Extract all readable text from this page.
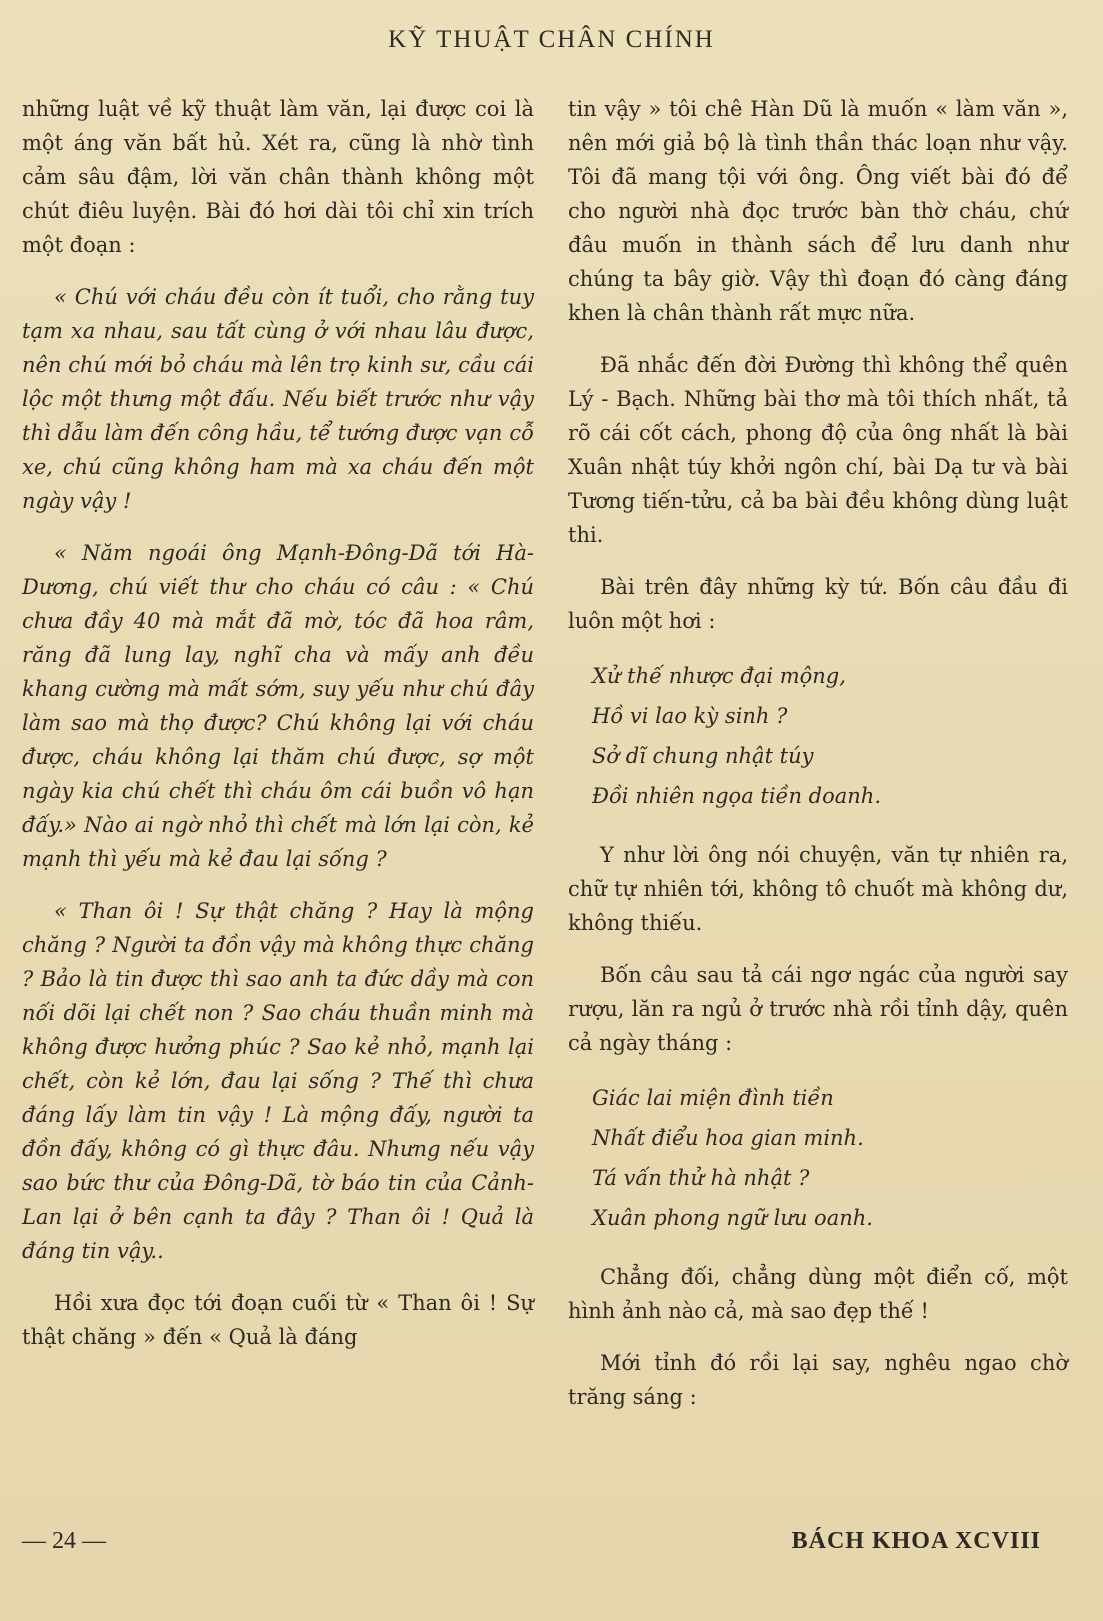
KỸ THUẬT CHÂN CHÍNH

những luật về kỹ thuật làm văn, lại được coi là một áng văn bất hủ. Xét ra, cũng là nhờ tình cảm sâu đậm, lời văn chân thành không một chút điêu luyện. Bài đó hơi dài tôi chỉ xin trích một đoạn :

« Chú với cháu đều còn ít tuổi, cho rằng tuy tạm xa nhau, sau tất cùng ở với nhau lâu được, nên chú mới bỏ cháu mà lên trọ kinh sư, cầu cái lộc một thưng một đấu. Nếu biết trước như vậy thì dẫu làm đến công hầu, tể tướng được vạn cỗ xe, chú cũng không ham mà xa cháu đến một ngày vậy !

« Năm ngoái ông Mạnh-Đông-Dã tới Hà-Dương, chú viết thư cho cháu có câu : « Chú chưa đầy 40 mà mắt đã mờ, tóc đã hoa râm, răng đã lung lay, nghĩ cha và mấy anh đều khang cường mà mất sớm, suy yếu như chú đây làm sao mà thọ được? Chú không lại với cháu được, cháu không lại thăm chú được, sợ một ngày kia chú chết thì cháu ôm cái buồn vô hạn đấy.» Nào ai ngờ nhỏ thì chết mà lớn lại còn, kẻ mạnh thì yếu mà kẻ đau lại sống ?

« Than ôi ! Sự thật chăng ? Hay là mộng chăng ? Người ta đồn vậy mà không thực chăng ? Bảo là tin được thì sao anh ta đức dầy mà con nối dõi lại chết non ? Sao cháu thuần minh mà không được hưởng phúc ? Sao kẻ nhỏ, mạnh lại chết, còn kẻ lớn, đau lại sống ? Thế thì chưa đáng lấy làm tin vậy ! Là mộng đấy, người ta đồn đấy, không có gì thực đâu. Nhưng nếu vậy sao bức thư của Đông-Dã, tờ báo tin của Cảnh-Lan lại ở bên cạnh ta đây ? Than ôi ! Quả là đáng tin vậy..

Hồi xưa đọc tới đoạn cuối từ « Than ôi ! Sự thật chăng » đến « Quả là đáng

tin vậy » tôi chê Hàn Dũ là muốn « làm văn », nên mới giả bộ là tình thần thác loạn như vậy. Tôi đã mang tội với ông. Ông viết bài đó để cho người nhà đọc trước bàn thờ cháu, chứ đâu muốn in thành sách để lưu danh như chúng ta bây giờ. Vậy thì đoạn đó càng đáng khen là chân thành rất mực nữa.

Đã nhắc đến đời Đường thì không thể quên Lý - Bạch. Những bài thơ mà tôi thích nhất, tả rõ cái cốt cách, phong độ của ông nhất là bài Xuân nhật túy khởi ngôn chí, bài Dạ tư và bài Tương tiến-tửu, cả ba bài đều không dùng luật thi.

Bài trên đây những kỳ tứ. Bốn câu đầu đi luôn một hơi :

Xử thế nhược đại mộng,
Hồ vi lao kỳ sinh ?
Sở dĩ chung nhật túy
Đồi nhiên ngọa tiền doanh.

Y như lời ông nói chuyện, văn tự nhiên ra, chữ tự nhiên tới, không tô chuốt mà không dư, không thiếu.

Bốn câu sau tả cái ngơ ngác của người say rượu, lăn ra ngủ ở trước nhà rồi tỉnh dậy, quên cả ngày tháng :

Giác lai miện đình tiền
Nhất điểu hoa gian minh.
Tá vấn thử hà nhật ?
Xuân phong ngữ lưu oanh.

Chẳng đối, chẳng dùng một điển cố, một hình ảnh nào cả, mà sao đẹp thế !

Mới tỉnh đó rồi lại say, nghêu ngao chờ trăng sáng :

— 24 —	BÁCH KHOA XCVIII
